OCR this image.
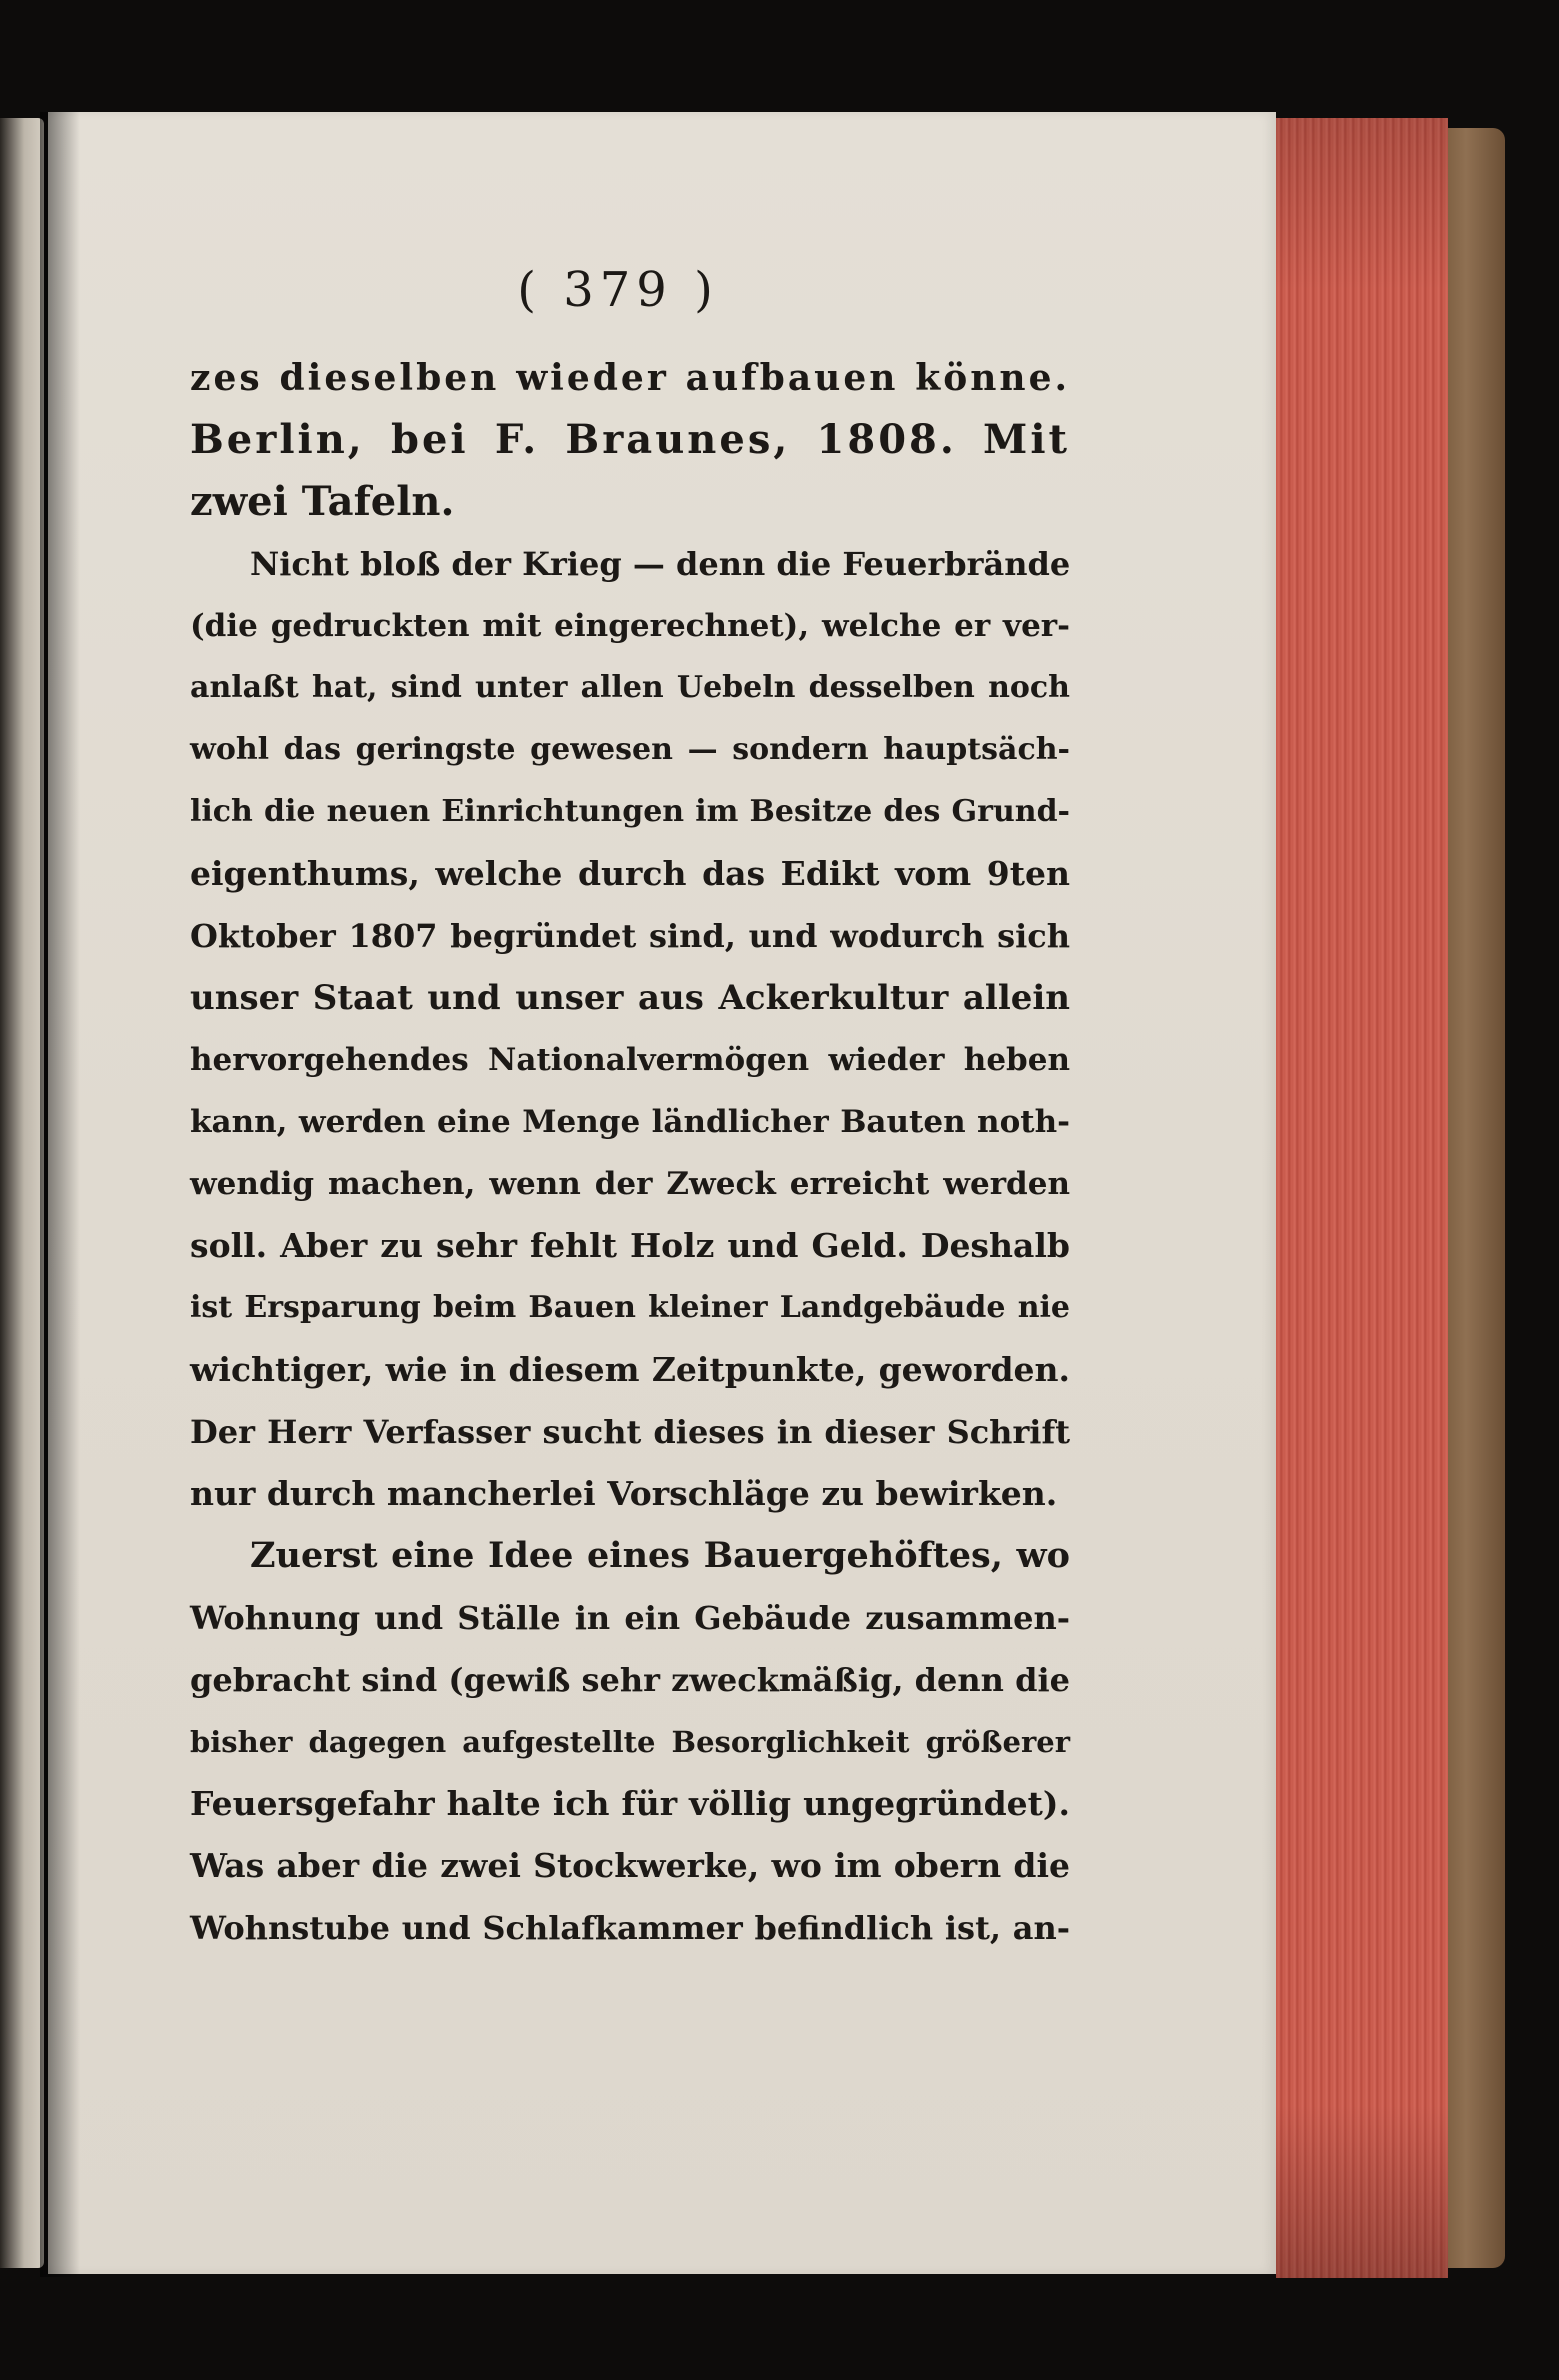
( 379 )
zes dieselben wieder aufbauen könne.
Berlin, bei F. Braunes, 1808. Mit
zwei Tafeln.
Nicht bloß der Krieg — denn die Feuerbrände
(die gedruckten mit eingerechnet), welche er ver-
anlaßt hat, sind unter allen Uebeln desselben noch
wohl das geringste gewesen — sondern hauptsäch-
lich die neuen Einrichtungen im Besitze des Grund-
eigenthums, welche durch das Edikt vom 9ten
Oktober 1807 begründet sind, und wodurch sich
unser Staat und unser aus Ackerkultur allein
hervorgehendes Nationalvermögen wieder heben
kann, werden eine Menge ländlicher Bauten noth-
wendig machen, wenn der Zweck erreicht werden
soll. Aber zu sehr fehlt Holz und Geld. Deshalb
ist Ersparung beim Bauen kleiner Landgebäude nie
wichtiger, wie in diesem Zeitpunkte, geworden.
Der Herr Verfasser sucht dieses in dieser Schrift
nur durch mancherlei Vorschläge zu bewirken.
Zuerst eine Idee eines Bauergehöftes, wo
Wohnung und Ställe in ein Gebäude zusammen-
gebracht sind (gewiß sehr zweckmäßig, denn die
bisher dagegen aufgestellte Besorglichkeit größerer
Feuersgefahr halte ich für völlig ungegründet).
Was aber die zwei Stockwerke, wo im obern die
Wohnstube und Schlafkammer befindlich ist, an-
